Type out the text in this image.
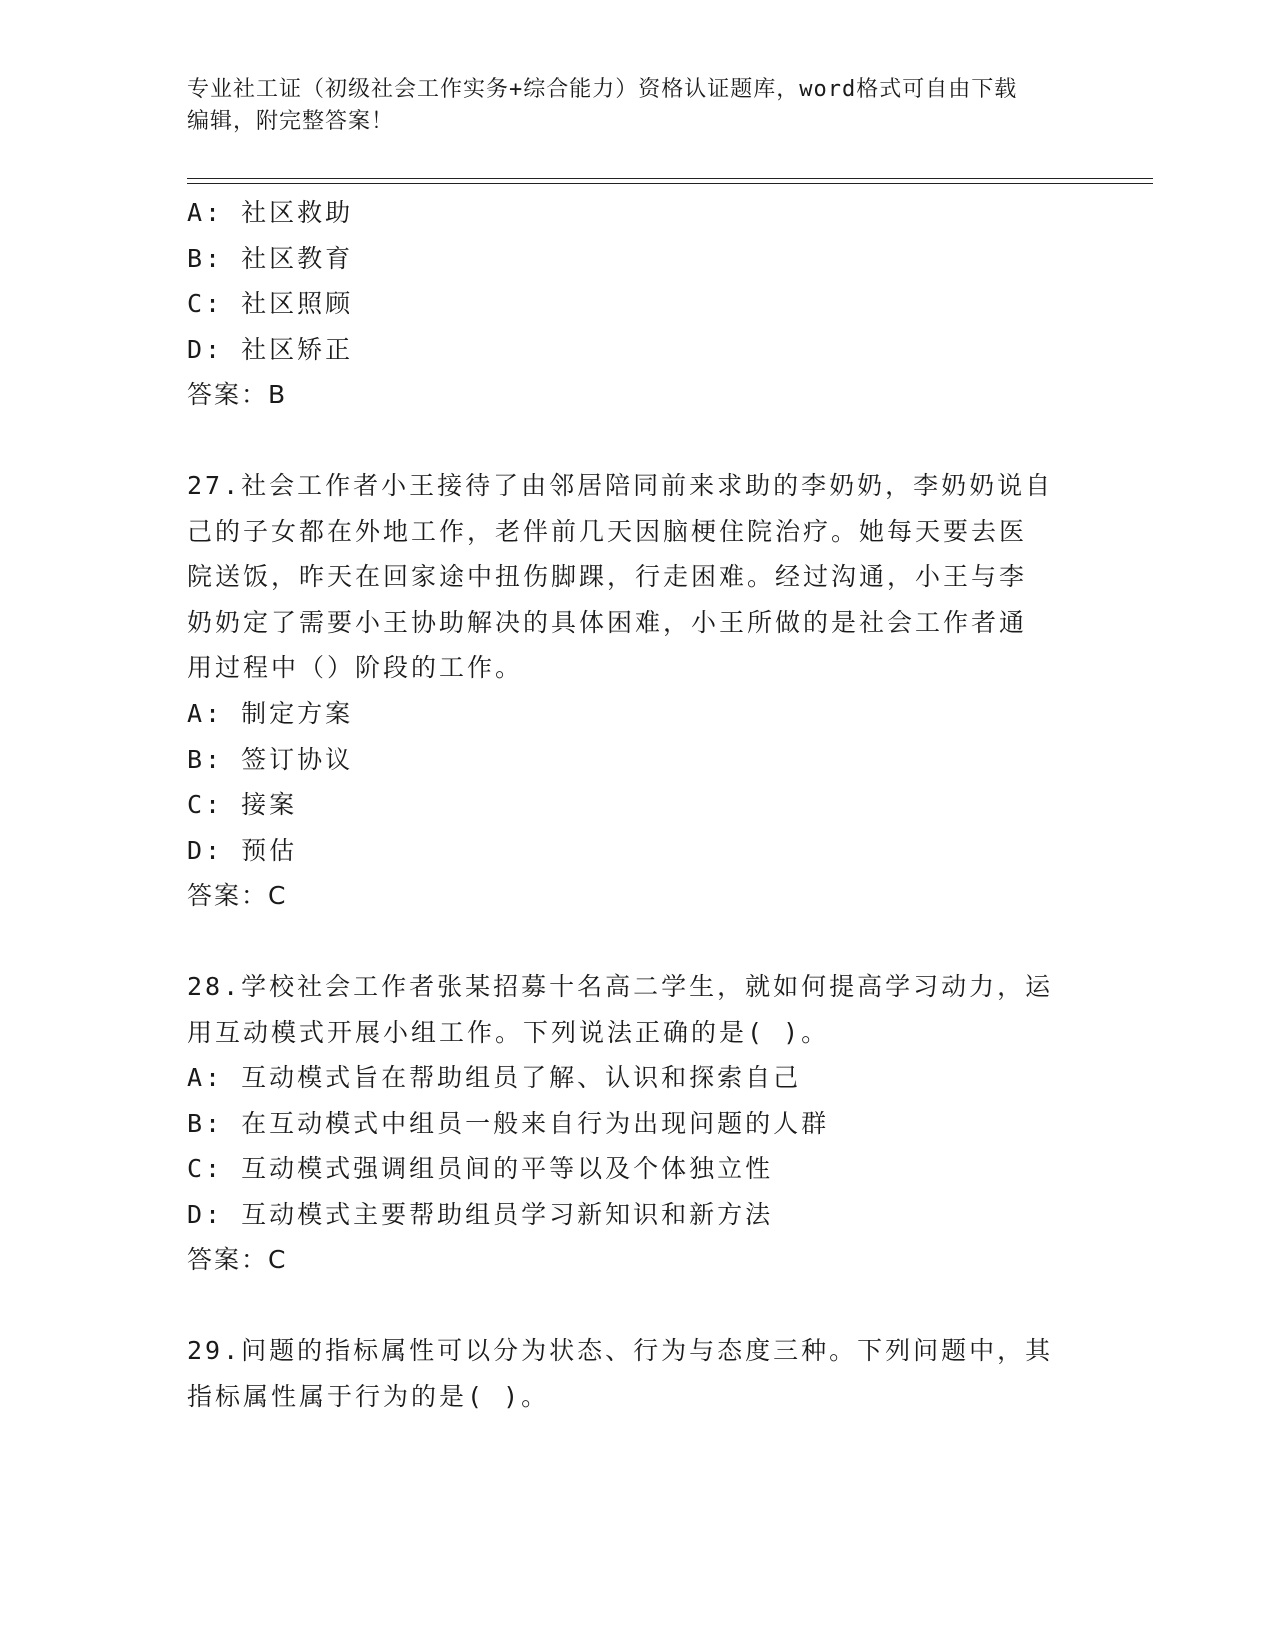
专业社工证（初级社会工作实务+综合能力）资格认证题库，word格式可自由下载
编辑，附完整答案！
A: 社区救助
B: 社区教育
C: 社区照顾
D: 社区矫正
答案：B
27.社会工作者小王接待了由邻居陪同前来求助的李奶奶，李奶奶说自
己的子女都在外地工作，老伴前几天因脑梗住院治疗。她每天要去医
院送饭，昨天在回家途中扭伤脚踝，行走困难。经过沟通，小王与李
奶奶定了需要小王协助解决的具体困难，小王所做的是社会工作者通
用过程中（）阶段的工作。
A: 制定方案
B: 签订协议
C: 接案
D: 预估
答案：C
28.学校社会工作者张某招募十名高二学生，就如何提高学习动力，运
用互动模式开展小组工作。下列说法正确的是( )。
A: 互动模式旨在帮助组员了解、认识和探索自己
B: 在互动模式中组员一般来自行为出现问题的人群
C: 互动模式强调组员间的平等以及个体独立性
D: 互动模式主要帮助组员学习新知识和新方法
答案：C
29.问题的指标属性可以分为状态、行为与态度三种。下列问题中，其
指标属性属于行为的是( )。
